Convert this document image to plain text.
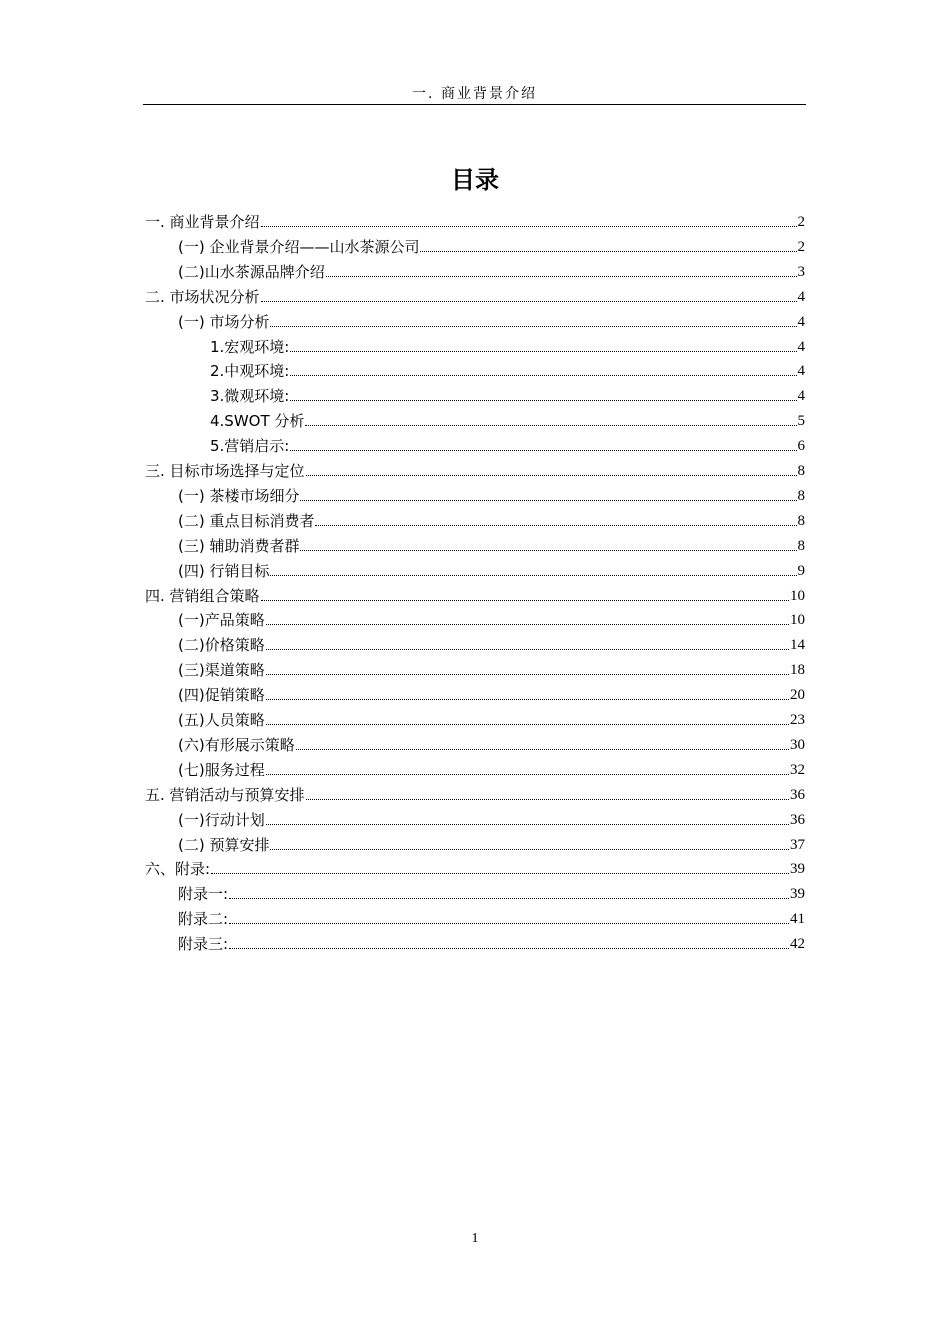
一. 商业背景介绍
目录
一. 商业背景介绍	2
(一) 企业背景介绍——山水茶源公司	2
(二)山水茶源品牌介绍	3
二. 市场状况分析	4
(一) 市场分析	4
1.宏观环境:	4
2.中观环境:	4
3.微观环境:	4
4.SWOT 分析	5
5.营销启示:	6
三. 目标市场选择与定位	8
(一) 茶楼市场细分	8
(二) 重点目标消费者	8
(三) 辅助消费者群	8
(四) 行销目标	9
四. 营销组合策略	10
(一)产品策略	10
(二)价格策略	14
(三)渠道策略	18
(四)促销策略	20
(五)人员策略	23
(六)有形展示策略	30
(七)服务过程	32
五. 营销活动与预算安排	36
(一)行动计划	36
(二) 预算安排	37
六、附录:	39
附录一:	39
附录二:	41
附录三:	42
1
